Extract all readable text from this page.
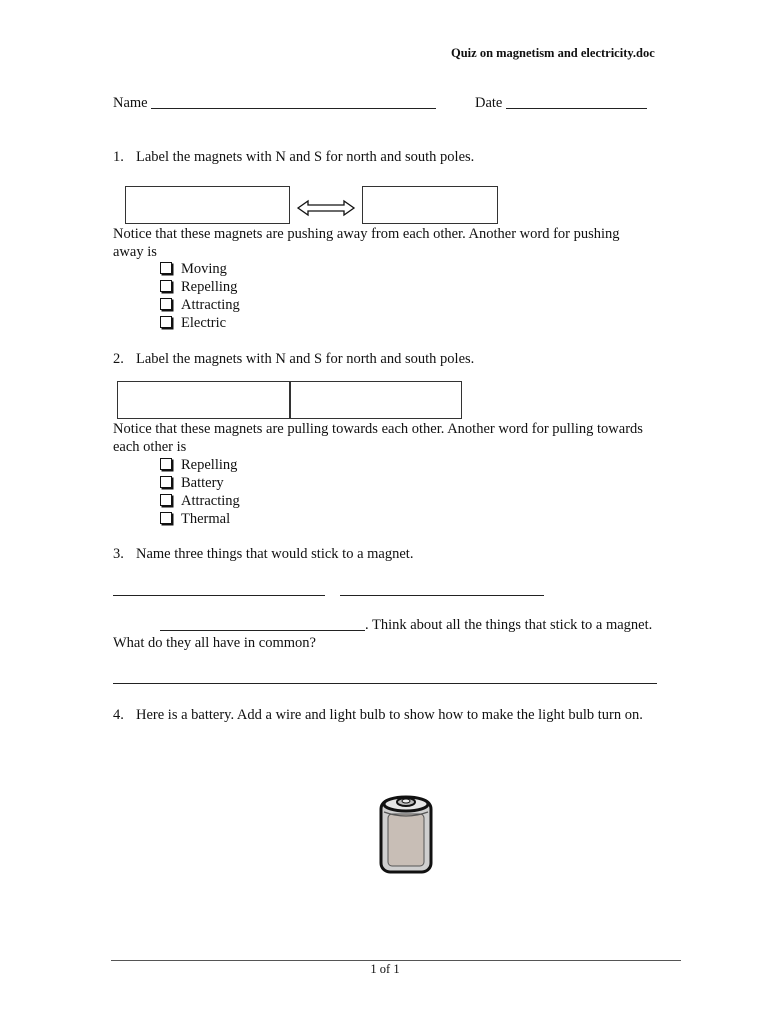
Quiz on magnetism and electricity.doc
Name	Date
1. Label the magnets with N and S for north and south poles.
Notice that these magnets are pushing away from each other. Another word for pushing
away is
Moving
Repelling
Attracting
Electric
2. Label the magnets with N and S for north and south poles.
Notice that these magnets are pulling towards each other. Another word for pulling towards
each other is
Repelling
Battery
Attracting
Thermal
3. Name three things that would stick to a magnet.
. Think about all the things that stick to a magnet.
What do they all have in common?
4. Here is a battery. Add a wire and light bulb to show how to make the light bulb turn on.
1 of 1
